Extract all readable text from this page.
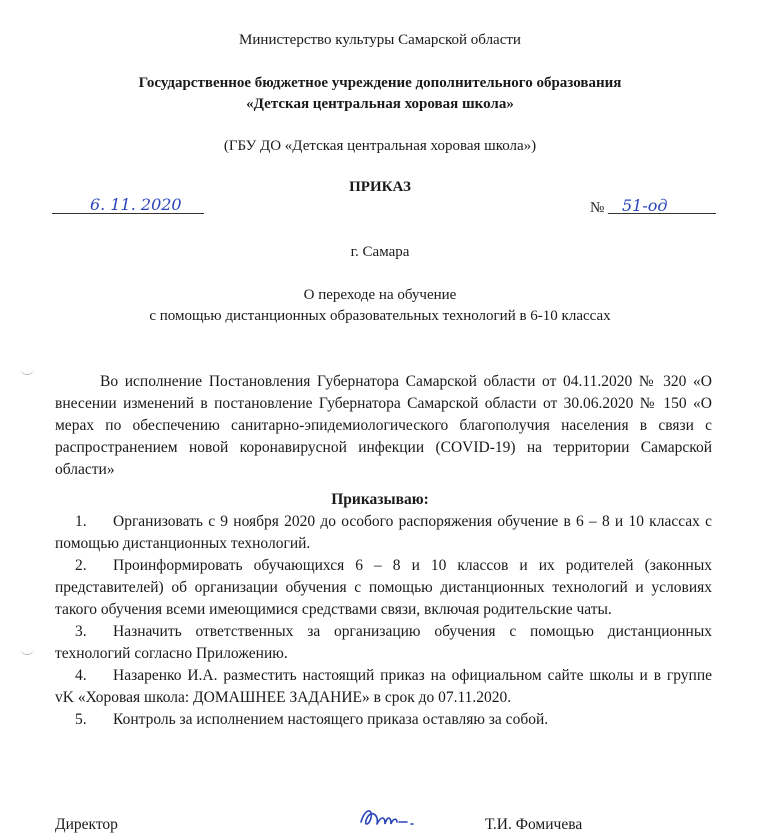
Министерство культуры Самарской области
Государственное бюджетное учреждение дополнительного образования
«Детская центральная хоровая школа»
(ГБУ ДО «Детская центральная хоровая школа»)
ПРИКАЗ
6. 11. 2020	№ 51-од
г. Самара
О переходе на обучение
с помощью дистанционных образовательных технологий в 6-10 классах
Во исполнение Постановления Губернатора Самарской области от 04.11.2020 № 320 «О внесении изменений в постановление Губернатора Самарской области от 30.06.2020 № 150 «О мерах по обеспечению санитарно-эпидемиологического благополучия населения в связи с распространением новой коронавирусной инфекции (COVID-19) на территории Самарской области»
Приказываю:
1.	Организовать с 9 ноября 2020 до особого распоряжения обучение в 6 – 8 и 10 классах с помощью дистанционных технологий.
2.	Проинформировать обучающихся 6 – 8 и 10 классов и их родителей (законных представителей) об организации обучения с помощью дистанционных технологий и условиях такого обучения всеми имеющимися средствами связи, включая родительские чаты.
3.	Назначить ответственных за организацию обучения с помощью дистанционных технологий согласно Приложению.
4.	Назаренко И.А. разместить настоящий приказ на официальном сайте школы и в группе vK «Хоровая школа: ДОМАШНЕЕ ЗАДАНИЕ» в срок до 07.11.2020.
5.	Контроль за исполнением настоящего приказа оставляю за собой.
Директор	Т.И. Фомичева
